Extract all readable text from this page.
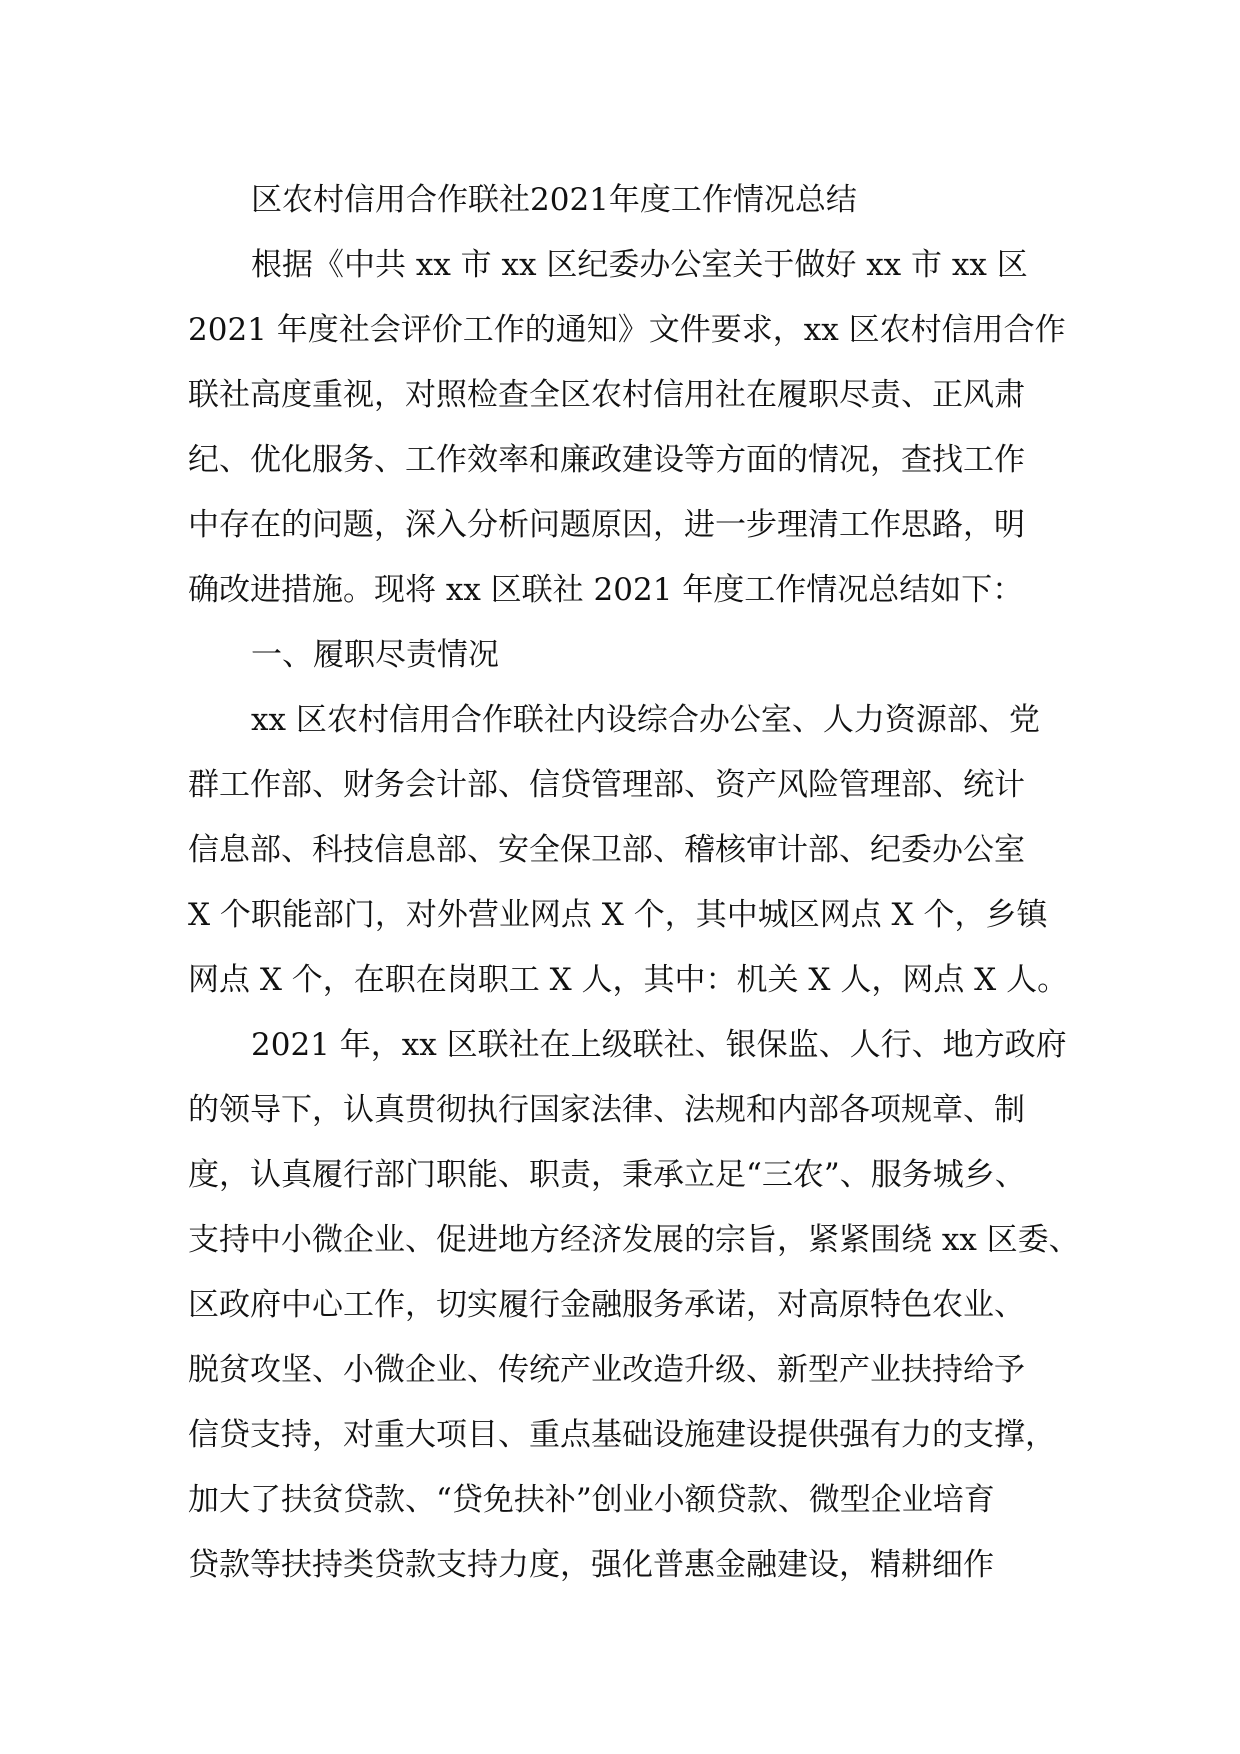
区农村信用合作联社2021年度工作情况总结
根据《中共 xx 市 xx 区纪委办公室关于做好 xx 市 xx 区
2021 年度社会评价工作的通知》文件要求，xx 区农村信用合作
联社高度重视，对照检查全区农村信用社在履职尽责、正风肃
纪、优化服务、工作效率和廉政建设等方面的情况，查找工作
中存在的问题，深入分析问题原因，进一步理清工作思路，明
确改进措施。现将 xx 区联社 2021 年度工作情况总结如下：
一、履职尽责情况
xx 区农村信用合作联社内设综合办公室、人力资源部、党
群工作部、财务会计部、信贷管理部、资产风险管理部、统计
信息部、科技信息部、安全保卫部、稽核审计部、纪委办公室
X 个职能部门，对外营业网点 X 个，其中城区网点 X 个，乡镇
网点 X 个，在职在岗职工 X 人，其中：机关 X 人，网点 X 人。
2021 年，xx 区联社在上级联社、银保监、人行、地方政府
的领导下，认真贯彻执行国家法律、法规和内部各项规章、制
度，认真履行部门职能、职责，秉承立足“三农”、服务城乡、
支持中小微企业、促进地方经济发展的宗旨，紧紧围绕 xx 区委、
区政府中心工作，切实履行金融服务承诺，对高原特色农业、
脱贫攻坚、小微企业、传统产业改造升级、新型产业扶持给予
信贷支持，对重大项目、重点基础设施建设提供强有力的支撑，
加大了扶贫贷款、“贷免扶补”创业小额贷款、微型企业培育
贷款等扶持类贷款支持力度，强化普惠金融建设，精耕细作
